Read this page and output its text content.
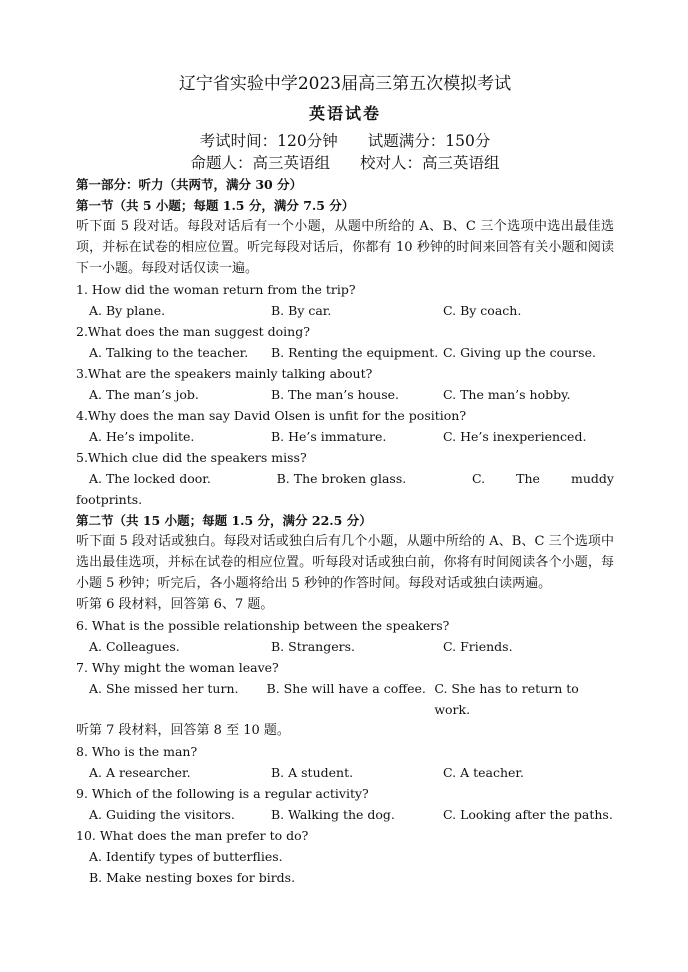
辽宁省实验中学2023届高三第五次模拟考试
英语试卷

考试时间：120分钟 试题满分：150分

命题人：高三英语组 校对人：高三英语组

第一部分：听力（共两节，满分 30 分）
第一节（共 5 小题；每题 1.5 分，满分 7.5 分）

听下面 5 段对话。每段对话后有一个小题，从题中所给的 A、B、C 三个选项中选出最佳选项，并标在试卷的相应位置。听完每段对话后，你都有 10 秒钟的时间来回答有关小题和阅读下一小题。每段对话仅读一遍。

1. How did the woman return from the trip?

A. By plane.	B. By car.	C. By coach.

2.What does the man suggest doing?

A. Talking to the teacher.	B. Renting the equipment. C. Giving up the course.

3.What are the speakers mainly talking about?

A. The man’s job.	B. The man’s house.	C. The man’s hobby.

4.Why does the man say David Olsen is unfit for the position?

A. He’s impolite.	B. He’s immature.	C. He’s inexperienced.

5.Which clue did the speakers miss?

A. The locked door.	B. The broken glass.	C. The muddy

footprints.

第二节（共 15 小题；每题 1.5 分，满分 22.5 分）

听下面 5 段对话或独白。每段对话或独白后有几个小题，从题中所给的 A、B、C 三个选项中选出最佳选项，并标在试卷的相应位置。听每段对话或独白前，你将有时间阅读各个小题，每小题 5 秒钟；听完后，各小题将给出 5 秒钟的作答时间。每段对话或独白读两遍。

听第 6 段材料，回答第 6、7 题。

6. What is the possible relationship between the speakers?

A. Colleagues.	B. Strangers.	C. Friends.

7. Why might the woman leave?

A. She missed her turn.	B. She will have a coffee. C. She has to return to work.

听第 7 段材料，回答第 8 至 10 题。

8. Who is the man?

A. A researcher.	B. A student.	C. A teacher.

9. Which of the following is a regular activity?

A. Guiding the visitors.	B. Walking the dog.	C. Looking after the paths.

10. What does the man prefer to do?

A. Identify types of butterflies.

B. Make nesting boxes for birds.
